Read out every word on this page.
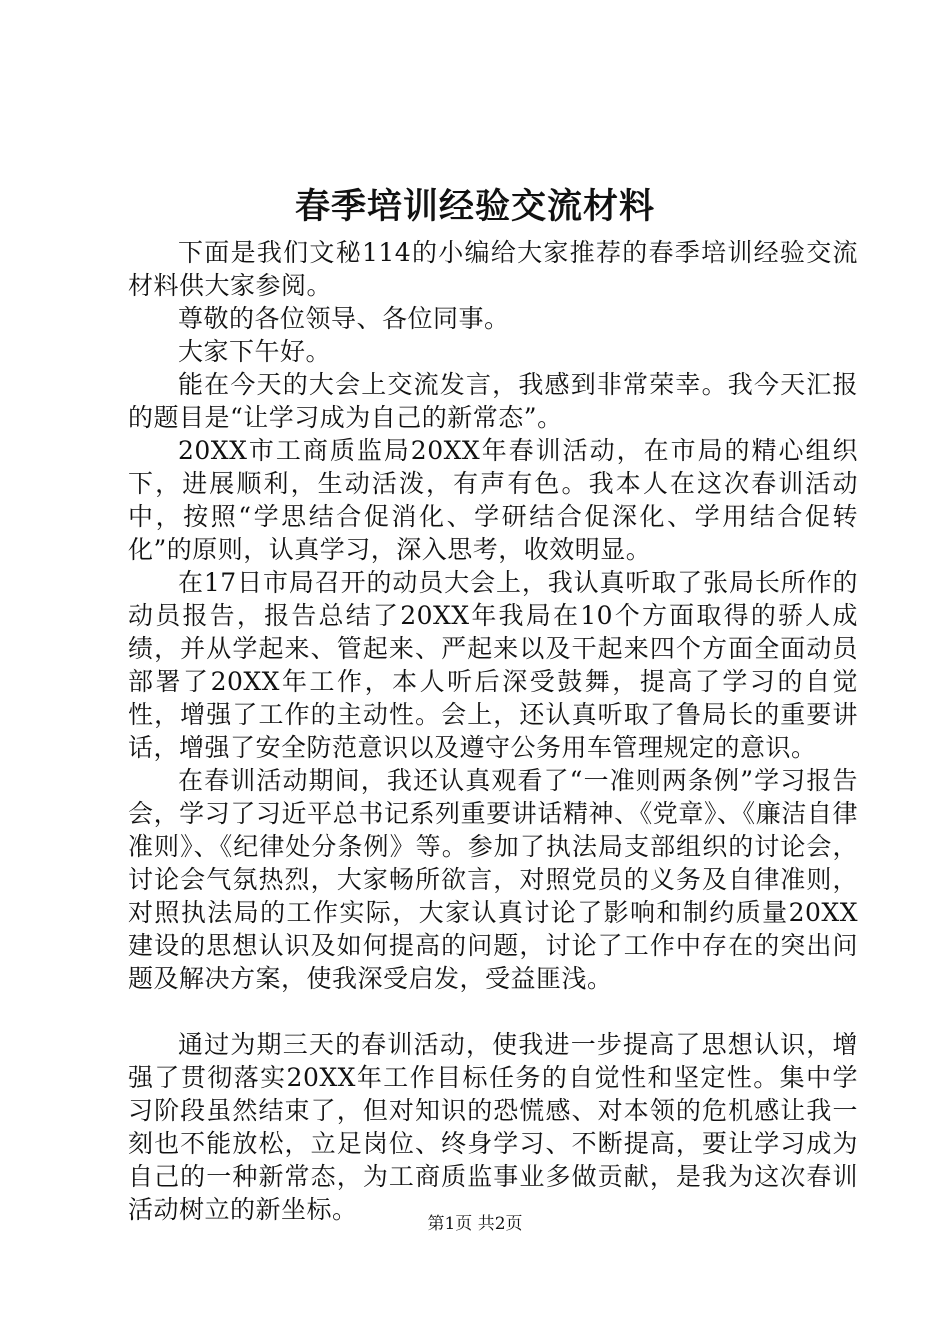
春季培训经验交流材料

下面是我们文秘114的小编给大家推荐的春季培训经验交流材料供大家参阅。

尊敬的各位领导、各位同事。

大家下午好。

能在今天的大会上交流发言，我感到非常荣幸。我今天汇报的题目是“让学习成为自己的新常态”。

20XX市工商质监局20XX年春训活动，在市局的精心组织下，进展顺利，生动活泼，有声有色。我本人在这次春训活动中，按照“学思结合促消化、学研结合促深化、学用结合促转化”的原则，认真学习，深入思考，收效明显。

在17日市局召开的动员大会上，我认真听取了张局长所作的动员报告，报告总结了20XX年我局在10个方面取得的骄人成绩，并从学起来、管起来、严起来以及干起来四个方面全面动员部署了20XX年工作，本人听后深受鼓舞，提高了学习的自觉性，增强了工作的主动性。会上，还认真听取了鲁局长的重要讲话，增强了安全防范意识以及遵守公务用车管理规定的意识。

在春训活动期间，我还认真观看了“一准则两条例”学习报告会，学习了习近平总书记系列重要讲话精神、《党章》、《廉洁自律准则》、《纪律处分条例》等。参加了执法局支部组织的讨论会，讨论会气氛热烈，大家畅所欲言，对照党员的义务及自律准则，对照执法局的工作实际，大家认真讨论了影响和制约质量20XX建设的思想认识及如何提高的问题，讨论了工作中存在的突出问题及解决方案，使我深受启发，受益匪浅。

通过为期三天的春训活动，使我进一步提高了思想认识，增强了贯彻落实20XX年工作目标任务的自觉性和坚定性。集中学习阶段虽然结束了，但对知识的恐慌感、对本领的危机感让我一刻也不能放松，立足岗位、终身学习、不断提高，要让学习成为自己的一种新常态，为工商质监事业多做贡献，是我为这次春训活动树立的新坐标。	第1页 共2页
